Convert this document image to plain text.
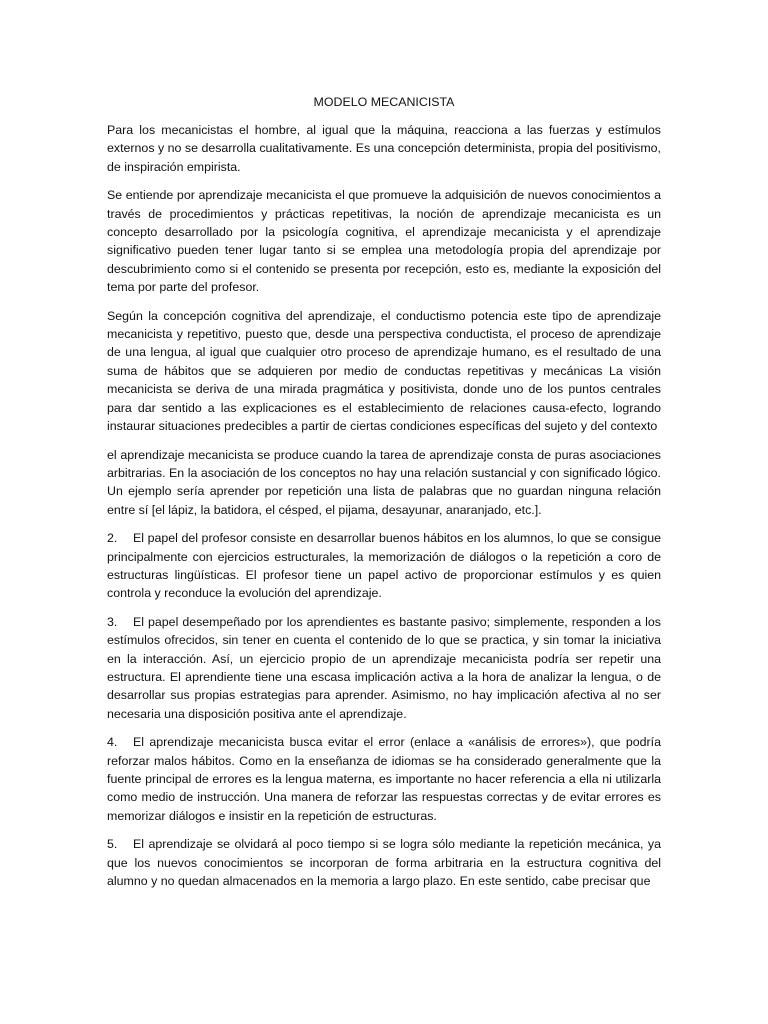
MODELO MECANICISTA

Para los mecanicistas el hombre, al igual que la máquina, reacciona a las fuerzas y estímulos externos y no se desarrolla cualitativamente. Es una concepción determinista, propia del positivismo, de inspiración empirista.

Se entiende por aprendizaje mecanicista el que promueve la adquisición de nuevos conocimientos a través de procedimientos y prácticas repetitivas, la noción de aprendizaje mecanicista es un concepto desarrollado por la psicología cognitiva, el aprendizaje mecanicista y el aprendizaje significativo pueden tener lugar tanto si se emplea una metodología propia del aprendizaje por descubrimiento como si el contenido se presenta por recepción, esto es, mediante la exposición del tema por parte del profesor.

Según la concepción cognitiva del aprendizaje, el conductismo potencia este tipo de aprendizaje mecanicista y repetitivo, puesto que, desde una perspectiva conductista, el proceso de aprendizaje de una lengua, al igual que cualquier otro proceso de aprendizaje humano, es el resultado de una suma de hábitos que se adquieren por medio de conductas repetitivas y mecánicas La visión mecanicista se deriva de una mirada pragmática y positivista, donde uno de los puntos centrales para dar sentido a las explicaciones es el establecimiento de relaciones causa-efecto, logrando instaurar situaciones predecibles a partir de ciertas condiciones específicas del sujeto y del contexto

el aprendizaje mecanicista se produce cuando la tarea de aprendizaje consta de puras asociaciones arbitrarias. En la asociación de los conceptos no hay una relación sustancial y con significado lógico. Un ejemplo sería aprender por repetición una lista de palabras que no guardan ninguna relación entre sí [el lápiz, la batidora, el césped, el pijama, desayunar, anaranjado, etc.].

2. El papel del profesor consiste en desarrollar buenos hábitos en los alumnos, lo que se consigue principalmente con ejercicios estructurales, la memorización de diálogos o la repetición a coro de estructuras lingüísticas. El profesor tiene un papel activo de proporcionar estímulos y es quien controla y reconduce la evolución del aprendizaje.

3. El papel desempeñado por los aprendientes es bastante pasivo; simplemente, responden a los estímulos ofrecidos, sin tener en cuenta el contenido de lo que se practica, y sin tomar la iniciativa en la interacción. Así, un ejercicio propio de un aprendizaje mecanicista podría ser repetir una estructura. El aprendiente tiene una escasa implicación activa a la hora de analizar la lengua, o de desarrollar sus propias estrategias para aprender. Asimismo, no hay implicación afectiva al no ser necesaria una disposición positiva ante el aprendizaje.

4. El aprendizaje mecanicista busca evitar el error (enlace a «análisis de errores»), que podría reforzar malos hábitos. Como en la enseñanza de idiomas se ha considerado generalmente que la fuente principal de errores es la lengua materna, es importante no hacer referencia a ella ni utilizarla como medio de instrucción. Una manera de reforzar las respuestas correctas y de evitar errores es memorizar diálogos e insistir en la repetición de estructuras.

5. El aprendizaje se olvidará al poco tiempo si se logra sólo mediante la repetición mecánica, ya que los nuevos conocimientos se incorporan de forma arbitraria en la estructura cognitiva del alumno y no quedan almacenados en la memoria a largo plazo. En este sentido, cabe precisar que
